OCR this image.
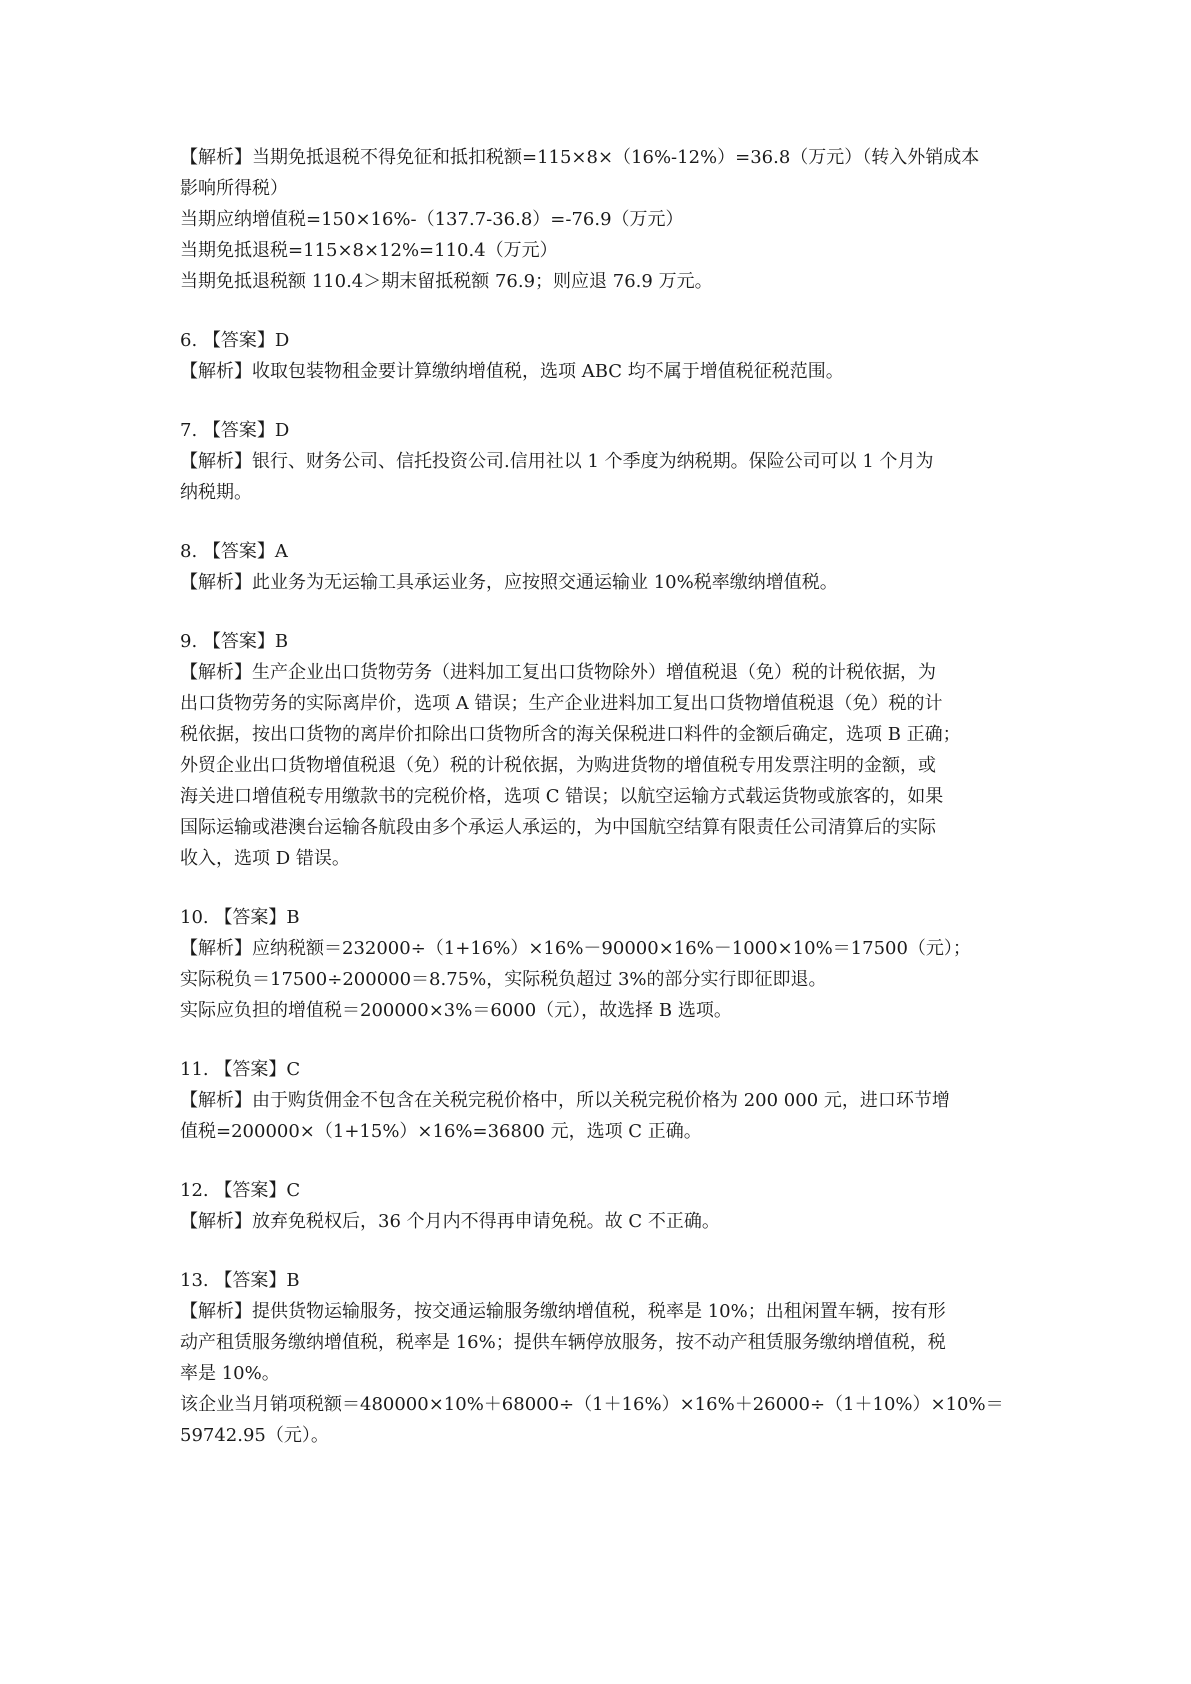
【解析】当期免抵退税不得免征和抵扣税额=115×8×（16%-12%）=36.8（万元）（转入外销成本
影响所得税）
当期应纳增值税=150×16%-（137.7-36.8）=-76.9（万元）
当期免抵退税=115×8×12%=110.4（万元）
当期免抵退税额 110.4＞期末留抵税额 76.9；则应退 76.9 万元。
6. 【答案】D
【解析】收取包装物租金要计算缴纳增值税，选项 ABC 均不属于增值税征税范围。
7. 【答案】D
【解析】银行、财务公司、信托投资公司.信用社以 1 个季度为纳税期。保险公司可以 1 个月为
纳税期。
8. 【答案】A
【解析】此业务为无运输工具承运业务，应按照交通运输业 10%税率缴纳增值税。
9. 【答案】B
【解析】生产企业出口货物劳务（进料加工复出口货物除外）增值税退（免）税的计税依据，为
出口货物劳务的实际离岸价，选项 A 错误；生产企业进料加工复出口货物增值税退（免）税的计
税依据，按出口货物的离岸价扣除出口货物所含的海关保税进口料件的金额后确定，选项 B 正确；
外贸企业出口货物增值税退（免）税的计税依据，为购进货物的增值税专用发票注明的金额，或
海关进口增值税专用缴款书的完税价格，选项 C 错误；以航空运输方式载运货物或旅客的，如果
国际运输或港澳台运输各航段由多个承运人承运的，为中国航空结算有限责任公司清算后的实际
收入，选项 D 错误。
10. 【答案】B
【解析】应纳税额＝232000÷（1+16%）×16%－90000×16%－1000×10%＝17500（元）；
实际税负＝17500÷200000＝8.75%，实际税负超过 3%的部分实行即征即退。
实际应负担的增值税＝200000×3%＝6000（元），故选择 B 选项。
11. 【答案】C
【解析】由于购货佣金不包含在关税完税价格中，所以关税完税价格为 200 000 元，进口环节增
值税=200000×（1+15%）×16%=36800 元，选项 C 正确。
12. 【答案】C
【解析】放弃免税权后，36 个月内不得再申请免税。故 C 不正确。
13. 【答案】B
【解析】提供货物运输服务，按交通运输服务缴纳增值税，税率是 10%；出租闲置车辆，按有形
动产租赁服务缴纳增值税，税率是 16%；提供车辆停放服务，按不动产租赁服务缴纳增值税，税
率是 10%。
该企业当月销项税额＝480000×10%＋68000÷（1＋16%）×16%＋26000÷（1＋10%）×10%＝
59742.95（元）。
